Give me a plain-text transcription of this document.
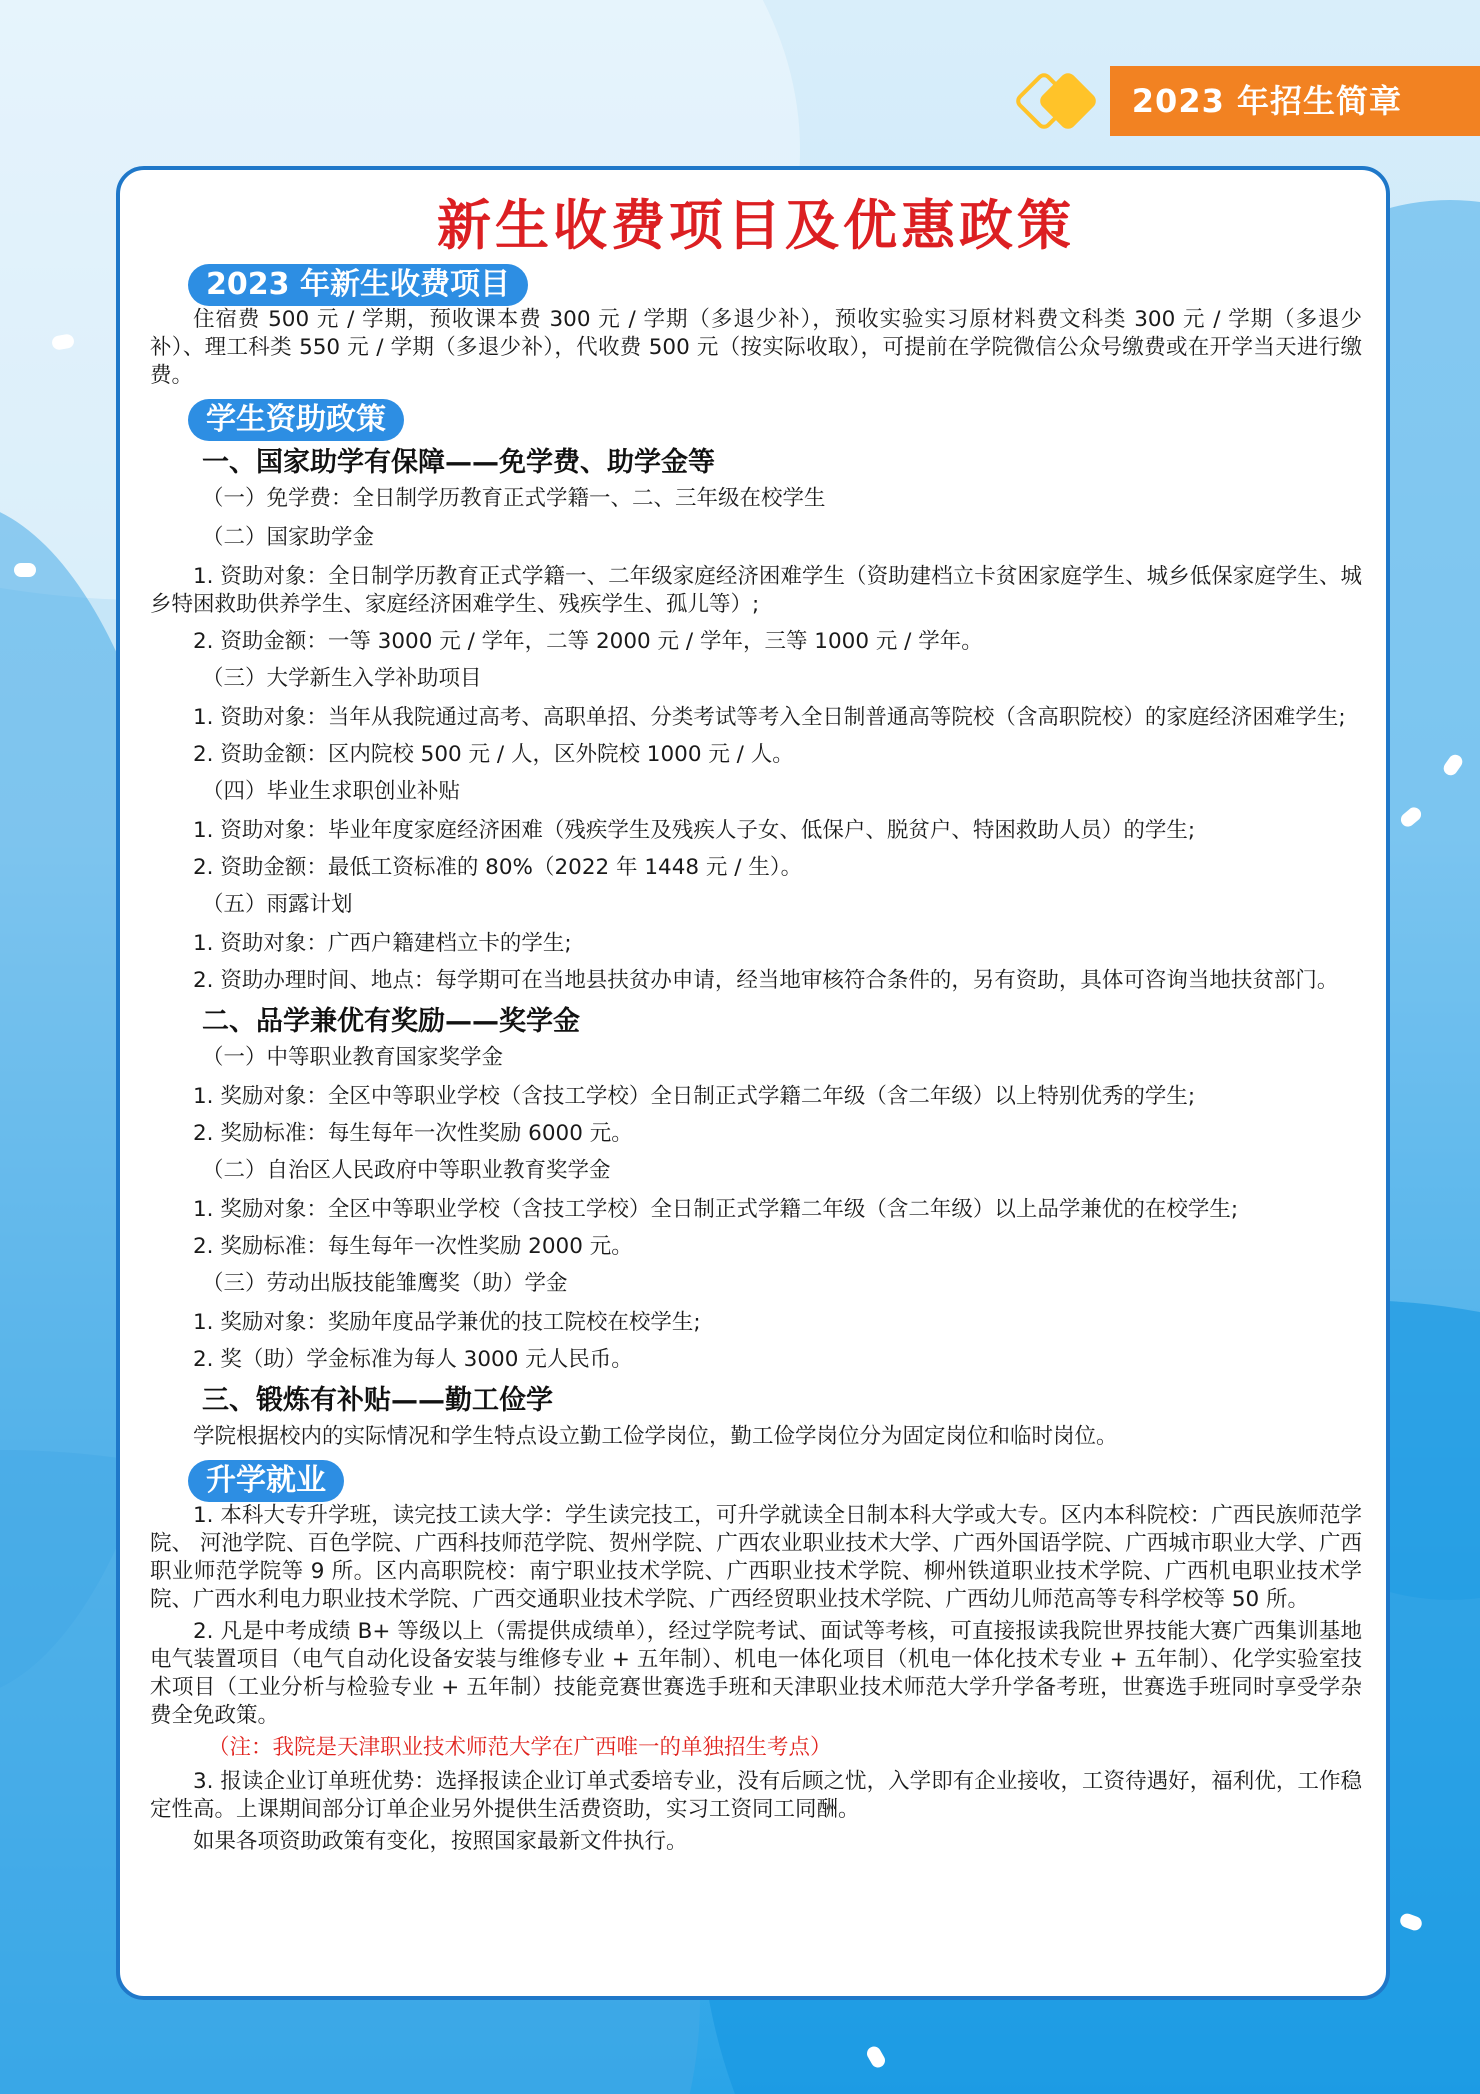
2023 年招生简章
新生收费项目及优惠政策
2023 年新生收费项目
住宿费 500 元 / 学期，预收课本费 300 元 / 学期（多退少补），预收实验实习原材料费文科类 300 元 / 学期（多退少补）、理工科类 550 元 / 学期（多退少补），代收费 500 元（按实际收取），可提前在学院微信公众号缴费或在开学当天进行缴费。
学生资助政策
一、国家助学有保障——免学费、助学金等
（一）免学费：全日制学历教育正式学籍一、二、三年级在校学生
（二）国家助学金
1. 资助对象：全日制学历教育正式学籍一、二年级家庭经济困难学生（资助建档立卡贫困家庭学生、城乡低保家庭学生、城乡特困救助供养学生、家庭经济困难学生、残疾学生、孤儿等）;
2. 资助金额：一等 3000 元 / 学年，二等 2000 元 / 学年，三等 1000 元 / 学年。
（三）大学新生入学补助项目
1. 资助对象：当年从我院通过高考、高职单招、分类考试等考入全日制普通高等院校（含高职院校）的家庭经济困难学生;
2. 资助金额：区内院校 500 元 / 人，区外院校 1000 元 / 人。
（四）毕业生求职创业补贴
1. 资助对象：毕业年度家庭经济困难（残疾学生及残疾人子女、低保户、脱贫户、特困救助人员）的学生;
2. 资助金额：最低工资标准的 80%（2022 年 1448 元 / 生）。
（五）雨露计划
1. 资助对象：广西户籍建档立卡的学生;
2. 资助办理时间、地点：每学期可在当地县扶贫办申请，经当地审核符合条件的，另有资助，具体可咨询当地扶贫部门。
二、品学兼优有奖励——奖学金
（一）中等职业教育国家奖学金
1. 奖励对象：全区中等职业学校（含技工学校）全日制正式学籍二年级（含二年级）以上特别优秀的学生;
2. 奖励标准：每生每年一次性奖励 6000 元。
（二）自治区人民政府中等职业教育奖学金
1. 奖励对象：全区中等职业学校（含技工学校）全日制正式学籍二年级（含二年级）以上品学兼优的在校学生;
2. 奖励标准：每生每年一次性奖励 2000 元。
（三）劳动出版技能雏鹰奖（助）学金
1. 奖励对象：奖励年度品学兼优的技工院校在校学生;
2. 奖（助）学金标准为每人 3000 元人民币。
三、锻炼有补贴——勤工俭学
学院根据校内的实际情况和学生特点设立勤工俭学岗位，勤工俭学岗位分为固定岗位和临时岗位。
升学就业
1. 本科大专升学班，读完技工读大学：学生读完技工，可升学就读全日制本科大学或大专。区内本科院校：广西民族师范学院、 河池学院、百色学院、广西科技师范学院、贺州学院、广西农业职业技术大学、广西外国语学院、广西城市职业大学、广西职业师范学院等 9 所。区内高职院校：南宁职业技术学院、广西职业技术学院、柳州铁道职业技术学院、广西机电职业技术学院、广西水利电力职业技术学院、广西交通职业技术学院、广西经贸职业技术学院、广西幼儿师范高等专科学校等 50 所。
2. 凡是中考成绩 B+ 等级以上（需提供成绩单），经过学院考试、面试等考核，可直接报读我院世界技能大赛广西集训基地电气装置项目（电气自动化设备安装与维修专业 + 五年制）、机电一体化项目（机电一体化技术专业 + 五年制）、化学实验室技术项目（工业分析与检验专业 + 五年制）技能竞赛世赛选手班和天津职业技术师范大学升学备考班，世赛选手班同时享受学杂费全免政策。
（注：我院是天津职业技术师范大学在广西唯一的单独招生考点）
3. 报读企业订单班优势：选择报读企业订单式委培专业，没有后顾之忧，入学即有企业接收，工资待遇好，福利优，工作稳定性高。上课期间部分订单企业另外提供生活费资助，实习工资同工同酬。
如果各项资助政策有变化，按照国家最新文件执行。
